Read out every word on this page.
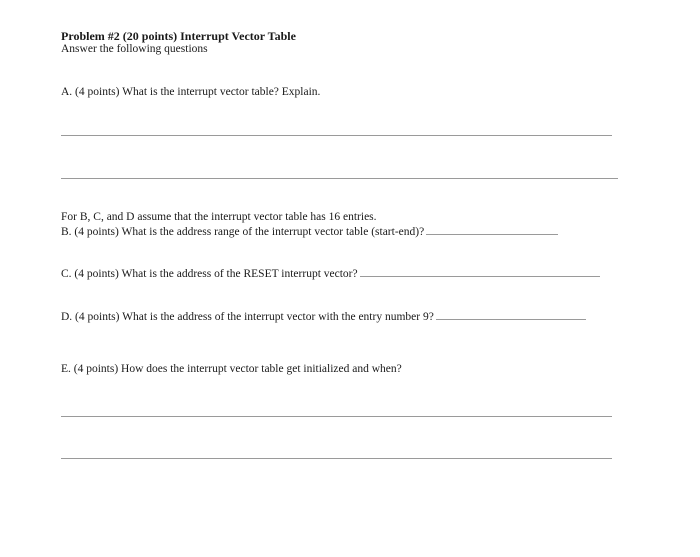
Problem #2 (20 points) Interrupt Vector Table
Answer the following questions
A. (4 points) What is the interrupt vector table? Explain.
For B, C, and D assume that the interrupt vector table has 16 entries.
B. (4 points) What is the address range of the interrupt vector table (start-end)?
C. (4 points) What is the address of the RESET interrupt vector?
D. (4 points) What is the address of the interrupt vector with the entry number 9?
E. (4 points) How does the interrupt vector table get initialized and when?
